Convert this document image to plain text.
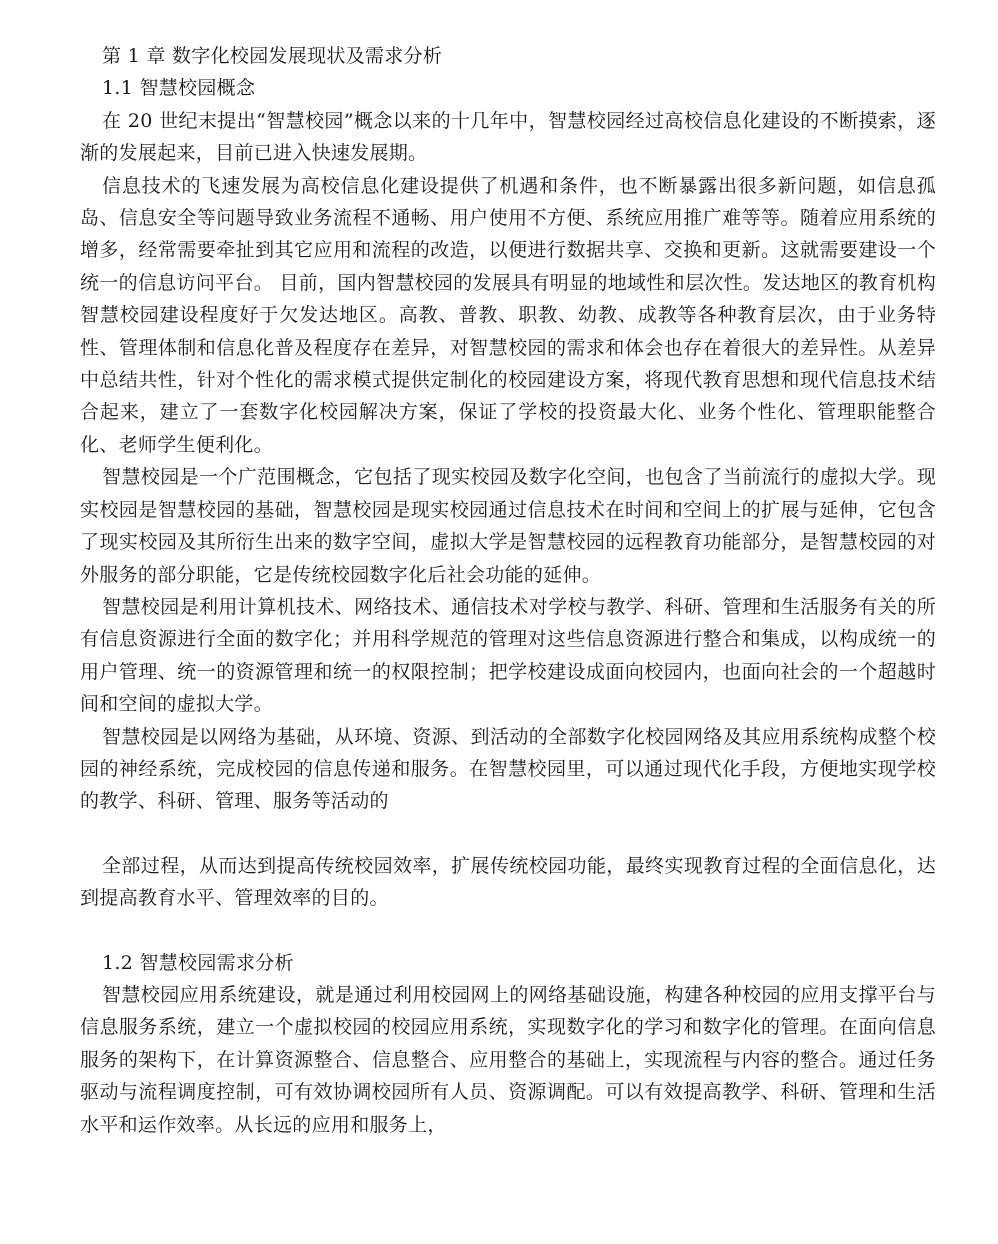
第 1 章 数字化校园发展现状及需求分析
1.1 智慧校园概念

在 20 世纪末提出“智慧校园”概念以来的十几年中，智慧校园经过高校信息化建设的不断摸索，逐渐的发展起来，目前已进入快速发展期。

信息技术的飞速发展为高校信息化建设提供了机遇和条件，也不断暴露出很多新问题，如信息孤岛、信息安全等问题导致业务流程不通畅、用户使用不方便、系统应用推广难等等。随着应用系统的增多，经常需要牵扯到其它应用和流程的改造，以便进行数据共享、交换和更新。这就需要建设一个统一的信息访问平台。 目前，国内智慧校园的发展具有明显的地域性和层次性。发达地区的教育机构智慧校园建设程度好于欠发达地区。高教、普教、职教、幼教、成教等各种教育层次，由于业务特性、管理体制和信息化普及程度存在差异，对智慧校园的需求和体会也存在着很大的差异性。从差异中总结共性，针对个性化的需求模式提供定制化的校园建设方案，将现代教育思想和现代信息技术结合起来，建立了一套数字化校园解决方案，保证了学校的投资最大化、业务个性化、管理职能整合化、老师学生便利化。

智慧校园是一个广范围概念，它包括了现实校园及数字化空间，也包含了当前流行的虚拟大学。现实校园是智慧校园的基础，智慧校园是现实校园通过信息技术在时间和空间上的扩展与延伸，它包含了现实校园及其所衍生出来的数字空间，虚拟大学是智慧校园的远程教育功能部分，是智慧校园的对外服务的部分职能，它是传统校园数字化后社会功能的延伸。

智慧校园是利用计算机技术、网络技术、通信技术对学校与教学、科研、管理和生活服务有关的所有信息资源进行全面的数字化；并用科学规范的管理对这些信息资源进行整合和集成，以构成统一的用户管理、统一的资源管理和统一的权限控制；把学校建设成面向校园内，也面向社会的一个超越时间和空间的虚拟大学。

智慧校园是以网络为基础，从环境、资源、到活动的全部数字化校园网络及其应用系统构成整个校园的神经系统，完成校园的信息传递和服务。在智慧校园里，可以通过现代化手段，方便地实现学校的教学、科研、管理、服务等活动的

全部过程，从而达到提高传统校园效率，扩展传统校园功能，最终实现教育过程的全面信息化，达到提高教育水平、管理效率的目的。

1.2 智慧校园需求分析

智慧校园应用系统建设，就是通过利用校园网上的网络基础设施，构建各种校园的应用支撑平台与信息服务系统，建立一个虚拟校园的校园应用系统，实现数字化的学习和数字化的管理。在面向信息服务的架构下，在计算资源整合、信息整合、应用整合的基础上，实现流程与内容的整合。通过任务驱动与流程调度控制，可有效协调校园所有人员、资源调配。可以有效提高教学、科研、管理和生活水平和运作效率。从长远的应用和服务上，
